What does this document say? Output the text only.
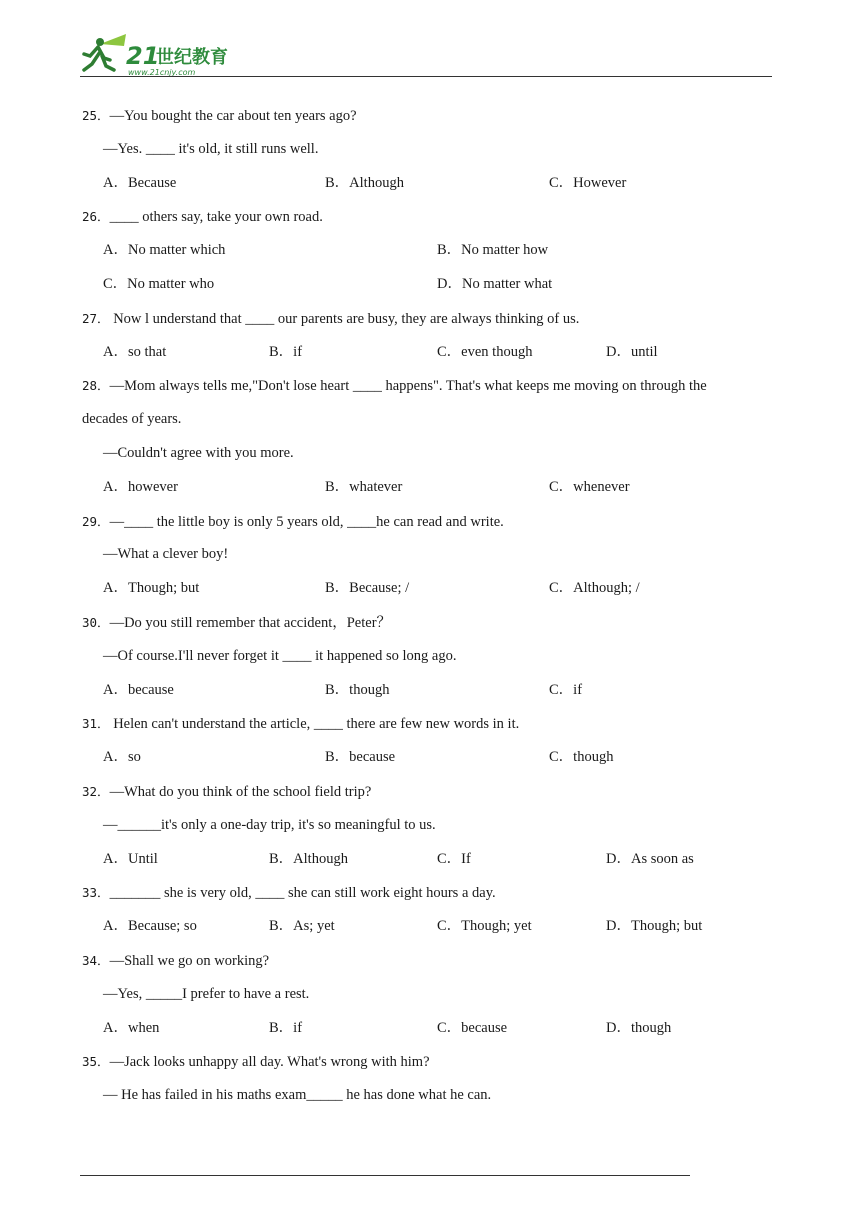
21
世纪教育
www.21cnjy.com
25．—You bought the car about ten years ago?
—Yes. ____ it's old, it still runs well.
A．Because	B．Although	C．However
26．____ others say, take your own road.
A．No matter which	B．No matter how
C．No matter who	D．No matter what
27． Now l understand that ____ our parents are busy, they are always thinking of us.
A．so that	B．if	C．even though	D．until
28．—Mom always tells me,"Don't lose heart ____ happens". That's what keeps me moving on through the
decades of years.
—Couldn't agree with you more.
A．however	B．whatever	C．whenever
29．—____ the little boy is only 5 years old, ____he can read and write.
—What a clever boy!
A．Though; but	B．Because; /	C．Although; /
30．—Do you still remember that accident，Peter？
—Of course.I'll never forget it ____ it happened so long ago.
A．because	B．though	C．if
31． Helen can't understand the article, ____ there are few new words in it.
A．so	B．because	C．though
32．—What do you think of the school field trip?
—______it's only a one-day trip, it's so meaningful to us.
A．Until	B．Although	C．If	D．As soon as
33．_______ she is very old, ____ she can still work eight hours a day.
A．Because; so	B．As; yet	C．Though; yet	D．Though; but
34．—Shall we go on working?
—Yes, _____I prefer to have a rest.
A．when	B．if	C．because	D．though
35．—Jack looks unhappy all day. What's wrong with him?
— He has failed in his maths exam_____ he has done what he can.
